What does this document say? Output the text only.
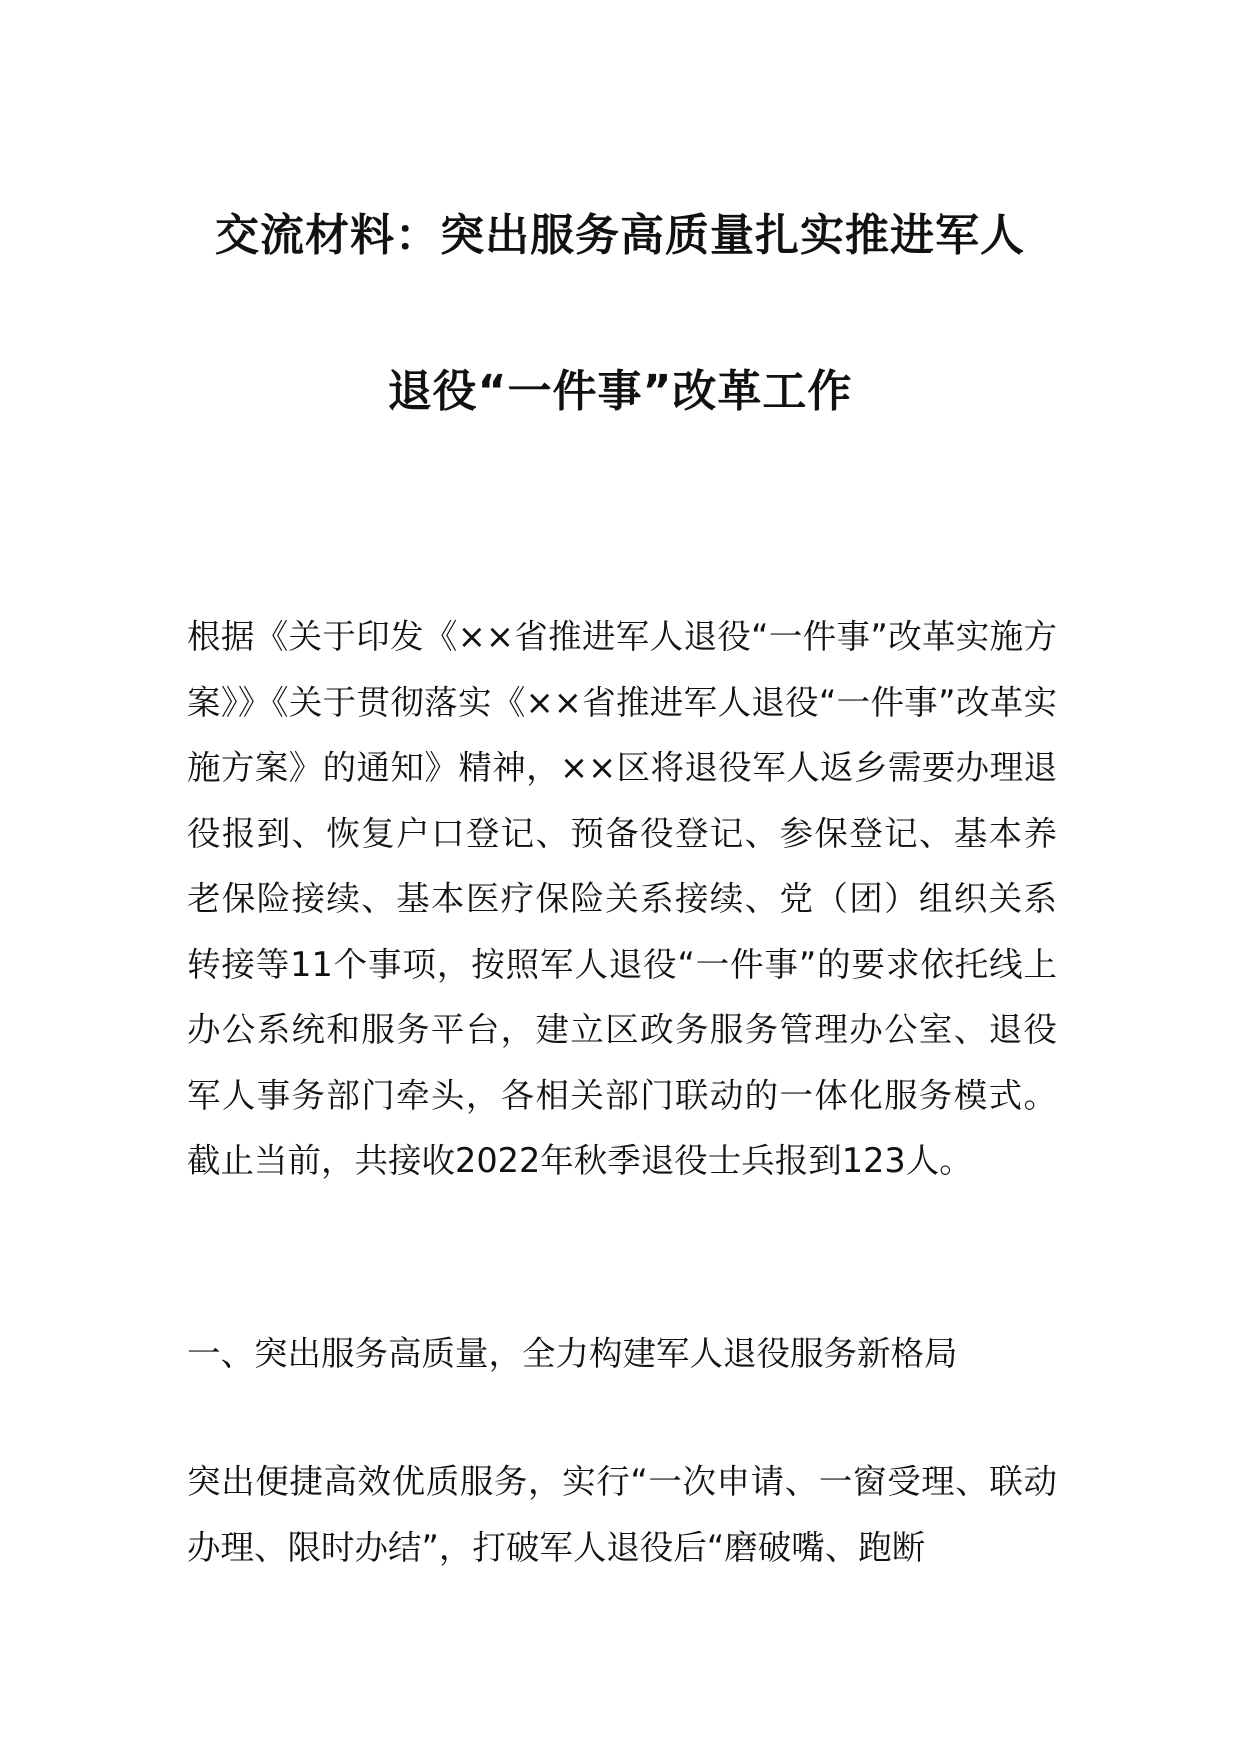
交流材料：突出服务高质量扎实推进军人
退役“一件事”改革工作

根据《关于印发《××省推进军人退役“一件事”改革实施方案》》《关于贯彻落实《××省推进军人退役“一件事”改革实施方案》的通知》精神，××区将退役军人返乡需要办理退役报到、恢复户口登记、预备役登记、参保登记、基本养老保险接续、基本医疗保险关系接续、党（团）组织关系转接等11个事项，按照军人退役“一件事”的要求依托线上办公系统和服务平台，建立区政务服务管理办公室、退役军人事务部门牵头，各相关部门联动的一体化服务模式。截止当前，共接收2022年秋季退役士兵报到123人。

一、突出服务高质量，全力构建军人退役服务新格局

突出便捷高效优质服务，实行“一次申请、一窗受理、联动办理、限时办结”，打破军人退役后“磨破嘴、跑断
